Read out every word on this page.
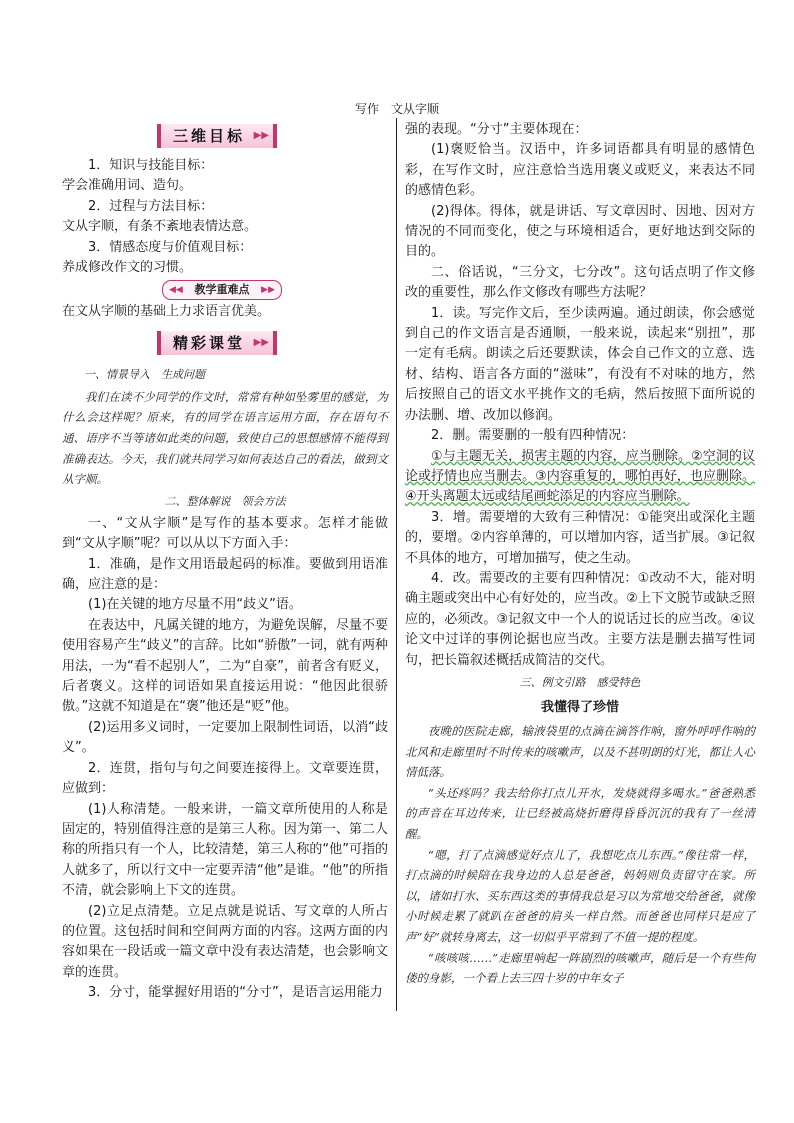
写作　文从字顺
三维目标 ▶▶

1．知识与技能目标：

学会准确用词、造句。

2．过程与方法目标：

文从字顺，有条不紊地表情达意。

3．情感态度与价值观目标：

养成修改作文的习惯。

◀◀	教学重难点	▶▶

在文从字顺的基础上力求语言优美。

精彩课堂 ▶▶

一、情景导入　生成问题

我们在读不少同学的作文时，常常有种如坠雾里的感觉，为什么会这样呢？原来，有的同学在语言运用方面，存在语句不通、语序不当等诸如此类的问题，致使自己的思想感情不能得到准确表达。今天，我们就共同学习如何表达自己的看法，做到文从字顺。

二、整体解说　领会方法

一、“文从字顺”是写作的基本要求。怎样才能做到“文从字顺”呢？可以从以下方面入手：

1．准确，是作文用语最起码的标准。要做到用语准确，应注意的是：

(1)在关键的地方尽量不用“歧义”语。

在表达中，凡属关键的地方，为避免误解，尽量不要使用容易产生“歧义”的言辞。比如“骄傲”一词，就有两种用法，一为“看不起别人”，二为“自豪”，前者含有贬义，后者褒义。这样的词语如果直接运用说：“他因此很骄傲。”这就不知道是在“褒”他还是“贬”他。

(2)运用多义词时，一定要加上限制性词语，以消“歧义”。

2．连贯，指句与句之间要连接得上。文章要连贯，应做到：

(1)人称清楚。一般来讲，一篇文章所使用的人称是固定的，特别值得注意的是第三人称。因为第一、第二人称的所指只有一个人，比较清楚，第三人称的“他”可指的人就多了，所以行文中一定要弄清“他”是谁。“他”的所指不清，就会影响上下文的连贯。

(2)立足点清楚。立足点就是说话、写文章的人所占的位置。这包括时间和空间两方面的内容。这两方面的内容如果在一段话或一篇文章中没有表达清楚，也会影响文章的连贯。

3．分寸，能掌握好用语的“分寸”，是语言运用能力

强的表现。“分寸”主要体现在：

(1)褒贬恰当。汉语中，许多词语都具有明显的感情色彩，在写作文时，应注意恰当选用褒义或贬义，来表达不同的感情色彩。

(2)得体。得体，就是讲话、写文章因时、因地、因对方情况的不同而变化，使之与环境相适合，更好地达到交际的目的。

二、俗话说，“三分文，七分改”。这句话点明了作文修改的重要性，那么作文修改有哪些方法呢？

1．读。写完作文后，至少读两遍。通过朗读，你会感觉到自己的作文语言是否通顺，一般来说，读起来“别扭”，那一定有毛病。朗读之后还要默读，体会自己作文的立意、选材、结构、语言各方面的“滋味”，有没有不对味的地方，然后按照自己的语文水平挑作文的毛病，然后按照下面所说的办法删、增、改加以修润。

2．删。需要删的一般有四种情况：

①与主题无关，损害主题的内容，应当删除。②空洞的议论或抒情也应当删去。③内容重复的，哪怕再好，也应删除。④开头离题太远或结尾画蛇添足的内容应当删除。

3．增。需要增的大致有三种情况：①能突出或深化主题的，要增。②内容单薄的，可以增加内容，适当扩展。③记叙不具体的地方，可增加描写，使之生动。

4．改。需要改的主要有四种情况：①改动不大，能对明确主题或突出中心有好处的，应当改。②上下文脱节或缺乏照应的，必须改。③记叙文中一个人的说话过长的应当改。④议论文中过详的事例论据也应当改。主要方法是删去描写性词句，把长篇叙述概括成简洁的交代。

三、例文引路　感受特色

我懂得了珍惜

夜晚的医院走廊，输液袋里的点滴在滴答作响，窗外呼呼作响的北风和走廊里时不时传来的咳嗽声，以及不甚明朗的灯光，都让人心情低落。

“头还疼吗？我去给你打点儿开水，发烧就得多喝水。”爸爸熟悉的声音在耳边传来，让已经被高烧折磨得昏昏沉沉的我有了一丝清醒。

“嗯，打了点滴感觉好点儿了，我想吃点儿东西。”像往常一样，打点滴的时候陪在我身边的人总是爸爸，妈妈则负责留守在家。所以，诸如打水、买东西这类的事情我总是习以为常地交给爸爸，就像小时候走累了就趴在爸爸的肩头一样自然。而爸爸也同样只是应了声“好”就转身离去，这一切似乎平常到了不值一提的程度。

“咳咳咳……”走廊里响起一阵剧烈的咳嗽声，随后是一个有些佝偻的身影，一个看上去三四十岁的中年女子
